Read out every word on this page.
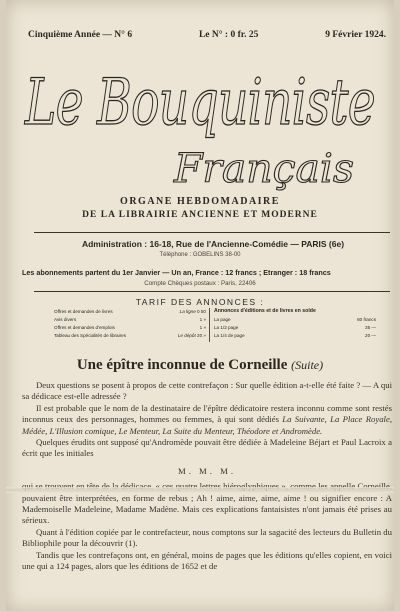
Cinquième Année — N° 6	Le N° : 0 fr. 25	9 Février 1924.
Le Bouquiniste
Français
ORGANE HEBDOMADAIRE
DE LA LIBRAIRIE ANCIENNE ET MODERNE
Administration : 16-18, Rue de l'Ancienne-Comédie — PARIS (6e)
Téléphone : GOBELINS 38-00
Les abonnements partent du 1er Janvier — Un an, France : 12 francs ; Etranger : 18 francs
Compte Chèques postaux : Paris, 22406
TARIF DES ANNONCES :
Offres et demandes de livres	La ligne 0 50
Avis divers	1 »
Offres et demandes d'emplois	1 »
Tableau des Spécialités de libraires	Le dépôt 20 »
Annonces d'éditions et de livres en solde
La page	60 francs
La 1/2 page	35 —
La 1/4 de page	20 —
Une épître inconnue de Corneille (Suite)

Deux questions se posent à propos de cette contrefaçon : Sur quelle édition a-t-elle été faite ? — A qui sa dédicace est-elle adressée ?

Il est probable que le nom de la destinataire de l'épître dédicatoire restera inconnu comme sont restés inconnus ceux des personnages, hommes ou femmes, à qui sont dédiés La Suivante, La Place Royale, Médée, L'Illusion comique, Le Menteur, La Suite du Menteur, Théodore et Andromède.

Quelques érudits ont supposé qu'Andromède pouvait être dédiée à Madeleine Béjart et Paul Lacroix a écrit que les initiales

M. M. M.

pouvaient être interprétées, en forme de rebus ; Ah ! aime, aime, aime, aime ! ou signifier encore : A Mademoiselle Madeleine, Madame Madène. Mais ces explications fantaisistes n'ont jamais été prises au sérieux.

Quant à l'édition copiée par le contrefacteur, nous comptons sur la sagacité des lecteurs du Bulletin du Bibliophile pour la découvrir (1).

Tandis que les contrefaçons ont, en général, moins de pages que les éditions qu'elles copient, en voici une qui a 124 pages, alors que les éditions de 1652 et de
